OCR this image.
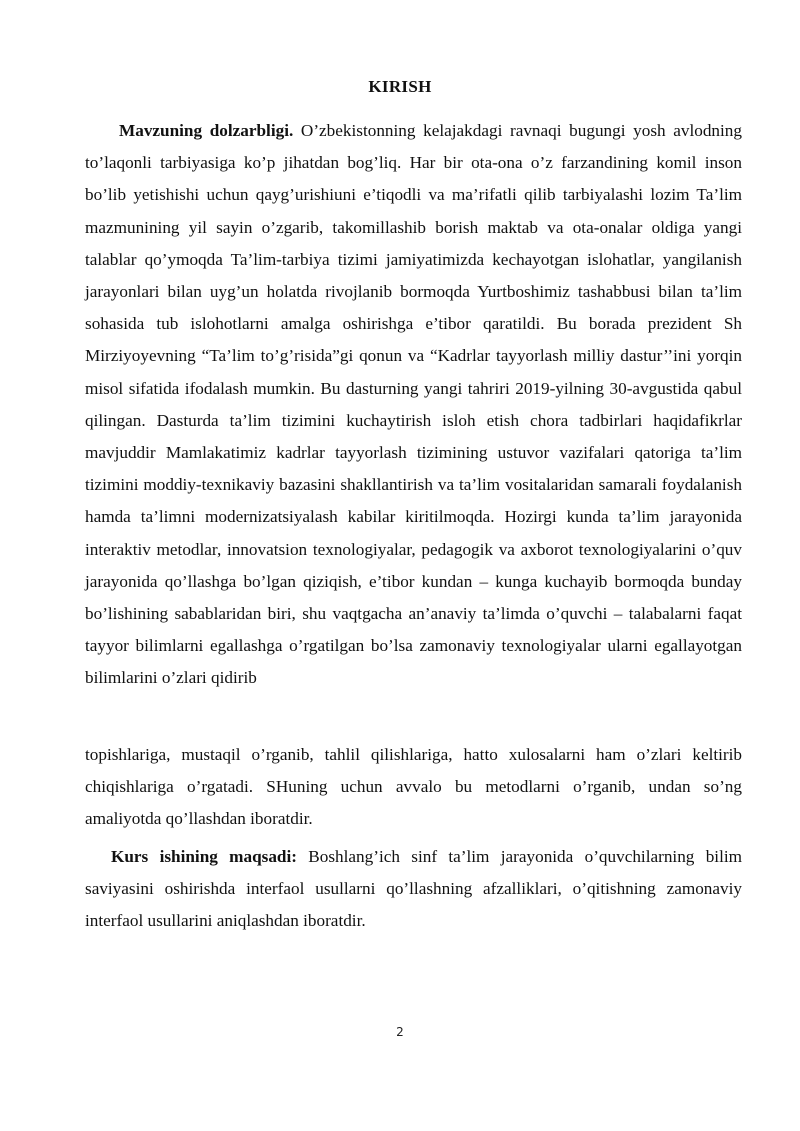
KIRISH

Mavzuning dolzarbligi. O’zbekistonning kelajakdagi ravnaqi bugungi yosh avlodning to’laqonli tarbiyasiga ko’p jihatdan bog’liq. Har bir ota-ona o’z farzandining komil inson bo’lib yetishishi uchun qayg’urishiuni e’tiqodli va ma’rifatli qilib tarbiyalashi lozim Ta’lim mazmunining yil sayin o’zgarib, takomillashib borish maktab va ota-onalar oldiga yangi talablar qo’ymoqda Ta’lim-tarbiya tizimi jamiyatimizda kechayotgan islohatlar, yangilanish jarayonlari bilan uyg’un holatda rivojlanib bormoqda Yurtboshimiz tashabbusi bilan ta’lim sohasida tub islohotlarni amalga oshirishga e’tibor qaratildi. Bu borada prezident Sh Mirziyoyevning “Ta’lim to’g’risida”gi qonun va “Kadrlar tayyorlash milliy dastur’’ini yorqin misol sifatida ifodalash mumkin. Bu dasturning yangi tahriri 2019-yilning 30-avgustida qabul qilingan. Dasturda ta’lim tizimini kuchaytirish isloh etish chora tadbirlari haqidafikrlar mavjuddir Mamlakatimiz kadrlar tayyorlash tizimining ustuvor vazifalari qatoriga ta’lim tizimini moddiy-texnikaviy bazasini shakllantirish va ta’lim vositalaridan samarali foydalanish hamda ta’limni modernizatsiyalash kabilar kiritilmoqda. Hozirgi kunda ta’lim jarayonida interaktiv metodlar, innovatsion texnologiyalar, pedagogik va axborot texnologiyalarini o’quv jarayonida qo’llashga bo’lgan qiziqish, e’tibor kundan – kunga kuchayib bormoqda bunday bo’lishining sabablaridan biri, shu vaqtgacha an’anaviy ta’limda o’quvchi – talabalarni faqat tayyor bilimlarni egallashga o’rgatilgan bo’lsa zamonaviy texnologiyalar ularni egallayotgan bilimlarini o’zlari qidirib

topishlariga, mustaqil o’rganib, tahlil qilishlariga, hatto xulosalarni ham o’zlari keltirib chiqishlariga o’rgatadi. SHuning uchun avvalo bu metodlarni o’rganib, undan so’ng amaliyotda qo’llashdan iboratdir.

Kurs ishining maqsadi: Boshlang’ich sinf ta’lim jarayonida o’quvchilarning bilim saviyasini oshirishda interfaol usullarni qo’llashning afzalliklari, o’qitishning zamonaviy interfaol usullarini aniqlashdan iboratdir.

2
